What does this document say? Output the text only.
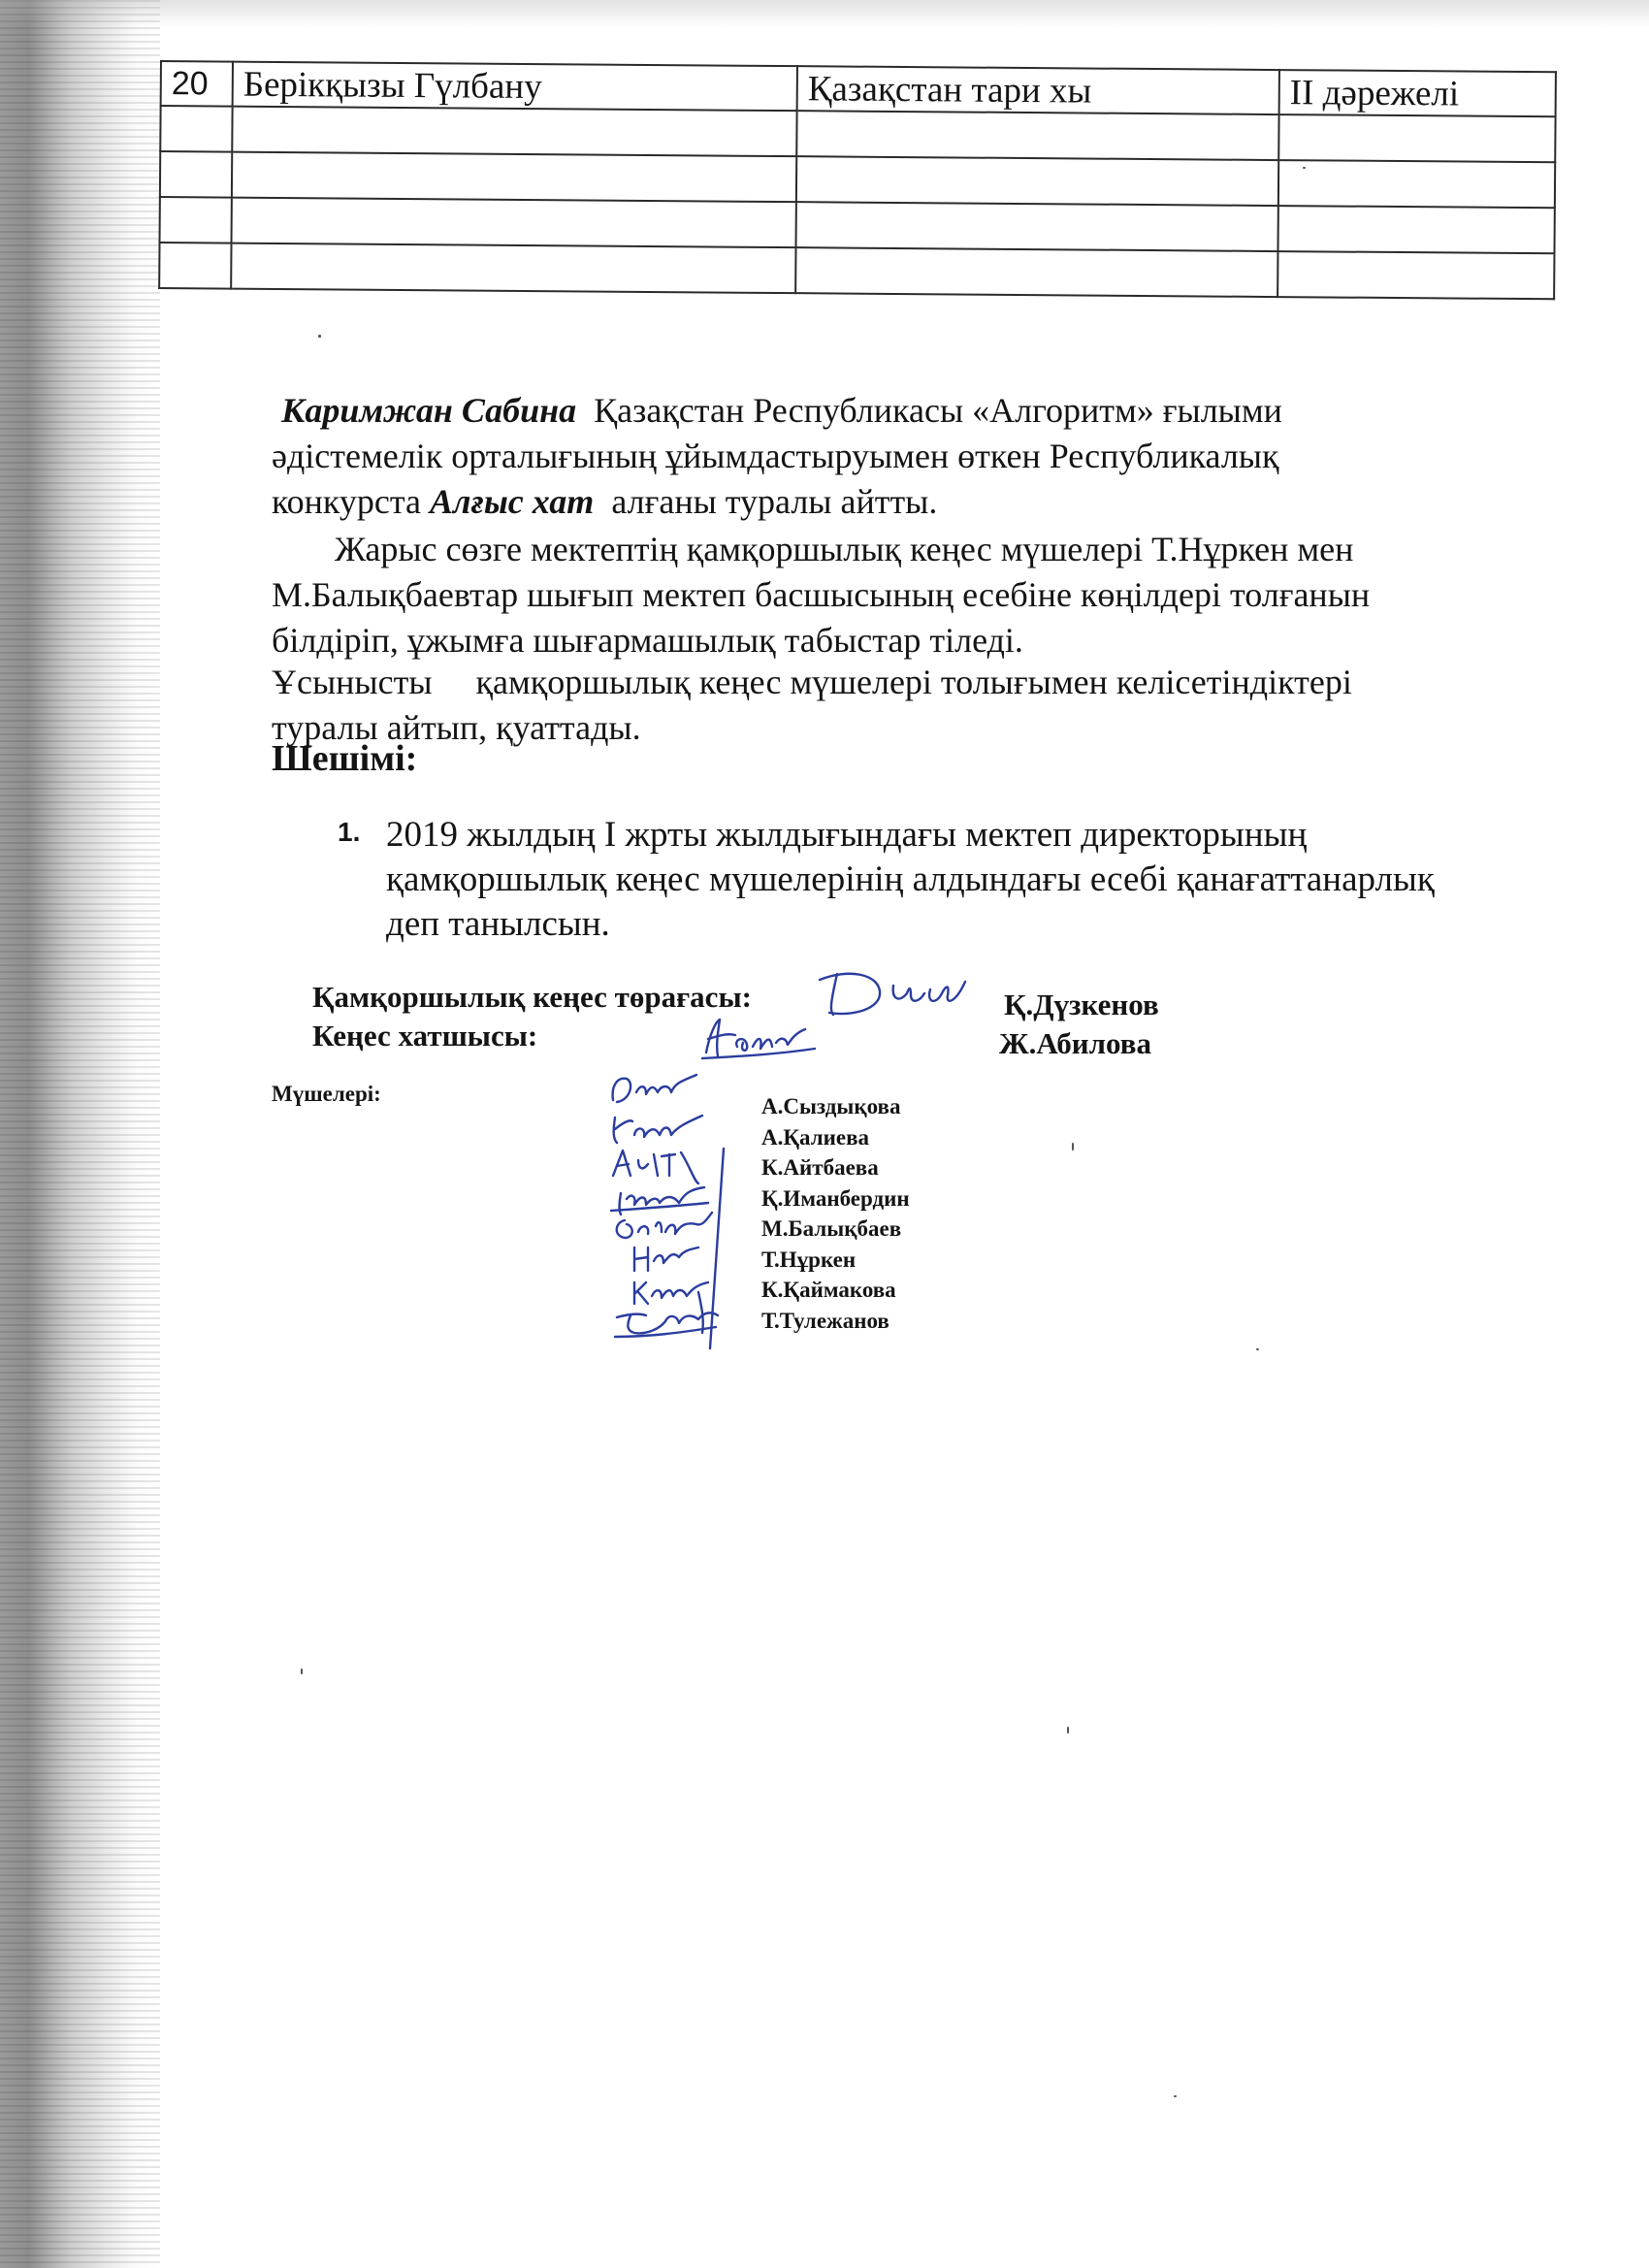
20	Берікқызы Гүлбану	Қазақстан тари хы	II дәрежелі

Каримжан Сабина  Қазақстан Республикасы «Алгоритм» ғылыми
әдістемелік орталығының ұйымдастыруымен өткен Республикалық
конкурста Алғыс хат  алғаны туралы айтты.
Жарыс сөзге мектептің қамқоршылық кеңес мүшелері Т.Нұркен мен
М.Балықбаевтар шығып мектеп басшысының есебіне көңілдері толғанын
білдіріп, ұжымға шығармашылық табыстар тіледі.
Ұсынысты     қамқоршылық кеңес мүшелері толығымен келісетіндіктері
туралы айтып, қуаттады.
Шешімі:
1. 2019 жылдың І жрты жылдығындағы мектеп директорының
қамқоршылық кеңес мүшелерінің алдындағы есебі қанағаттанарлық
деп танылсын.
Қамқоршылық кеңес төрағасы:	Қ.Дүзкенов
Кеңес хатшысы:	Ж.Абилова
Мүшелері:
А.Сыздықова
А.Қалиева
К.Айтбаева
Қ.Иманбердин
М.Балықбаев
Т.Нұркен
К.Қаймакова
Т.Тулежанов
